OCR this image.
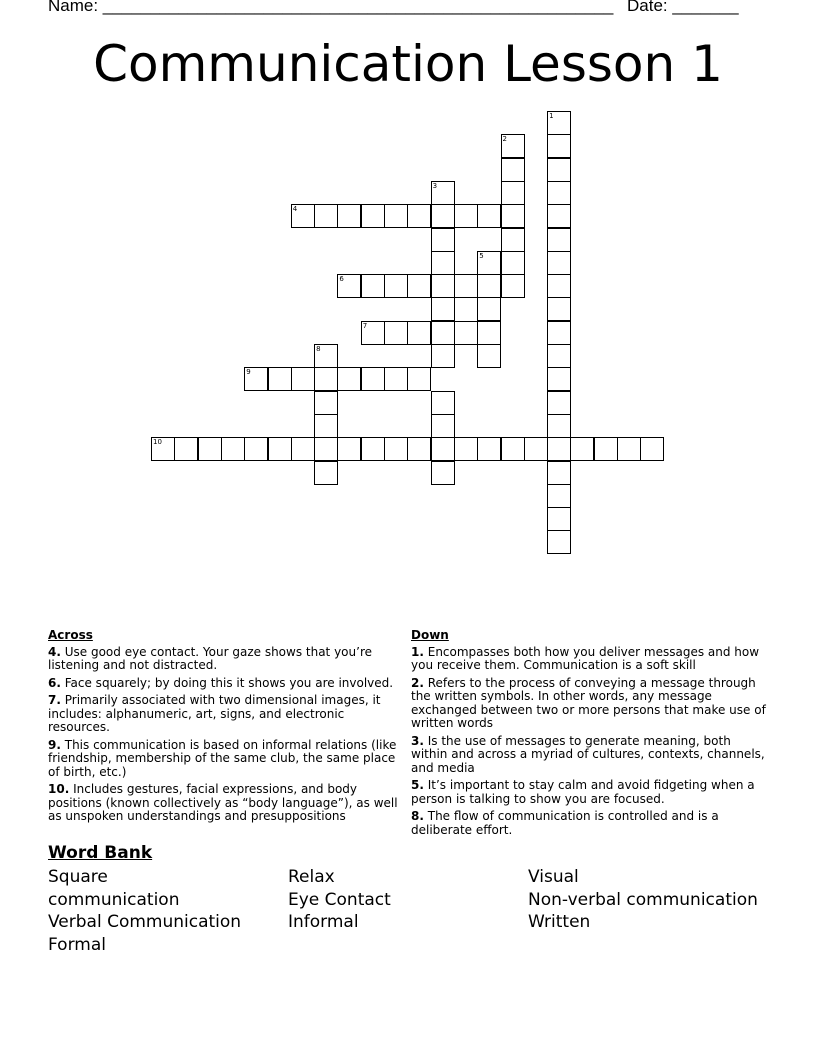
Name: ______________________________________________________ Date: _______
Communication Lesson 1
1
2
3
4
5
6
7
8
9
10
Across
4. Use good eye contact. Your gaze shows that you’re listening and not distracted.
6. Face squarely; by doing this it shows you are involved.
7. Primarily associated with two dimensional images, it includes: alphanumeric, art, signs, and electronic resources.
9. This communication is based on informal relations (like friendship, membership of the same club, the same place of birth, etc.)
10. Includes gestures, facial expressions, and body positions (known collectively as “body language”), as well as unspoken understandings and presuppositions
Down
1. Encompasses both how you deliver messages and how you receive them. Communication is a soft skill
2. Refers to the process of conveying a message through the written symbols. In other words, any message exchanged between two or more persons that make use of written words
3. Is the use of messages to generate meaning, both within and across a myriad of cultures, contexts, channels, and media
5. It’s important to stay calm and avoid fidgeting when a person is talking to show you are focused.
8. The flow of communication is controlled and is a deliberate effort.
Word Bank
Square
communication
Verbal Communication
Formal
Relax
Eye Contact
Informal
Visual
Non-verbal communication
Written
